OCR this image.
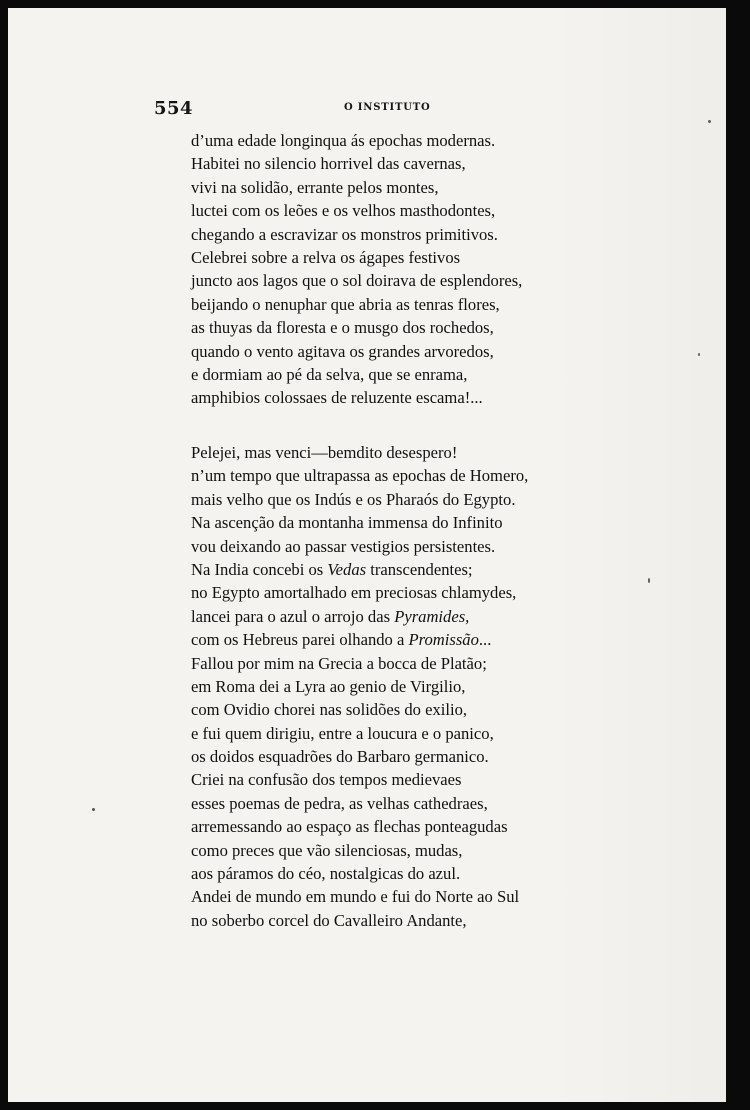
554	O INSTITUTO
d’uma edade longinqua ás epochas modernas.
Habitei no silencio horrivel das cavernas,
vivi na solidão, errante pelos montes,
luctei com os leões e os velhos masthodontes,
chegando a escravizar os monstros primitivos.
Celebrei sobre a relva os ágapes festivos
juncto aos lagos que o sol doirava de esplendores,
beijando o nenuphar que abria as tenras flores,
as thuyas da floresta e o musgo dos rochedos,
quando o vento agitava os grandes arvoredos,
e dormiam ao pé da selva, que se enrama,
amphibios colossaes de reluzente escama!...
Pelejei, mas venci—bemdito desespero!
n’um tempo que ultrapassa as epochas de Homero,
mais velho que os Indús e os Pharaós do Egypto.
Na ascenção da montanha immensa do Infinito
vou deixando ao passar vestigios persistentes.
Na India concebi os Vedas transcendentes;
no Egypto amortalhado em preciosas chlamydes,
lancei para o azul o arrojo das Pyramides,
com os Hebreus parei olhando a Promissão...
Fallou por mim na Grecia a bocca de Platão;
em Roma dei a Lyra ao genio de Virgilio,
com Ovidio chorei nas solidões do exilio,
e fui quem dirigiu, entre a loucura e o panico,
os doidos esquadrões do Barbaro germanico.
Criei na confusão dos tempos medievaes
esses poemas de pedra, as velhas cathedraes,
arremessando ao espaço as flechas ponteagudas
como preces que vão silenciosas, mudas,
aos páramos do céo, nostalgicas do azul.
Andei de mundo em mundo e fui do Norte ao Sul
no soberbo corcel do Cavalleiro Andante,
